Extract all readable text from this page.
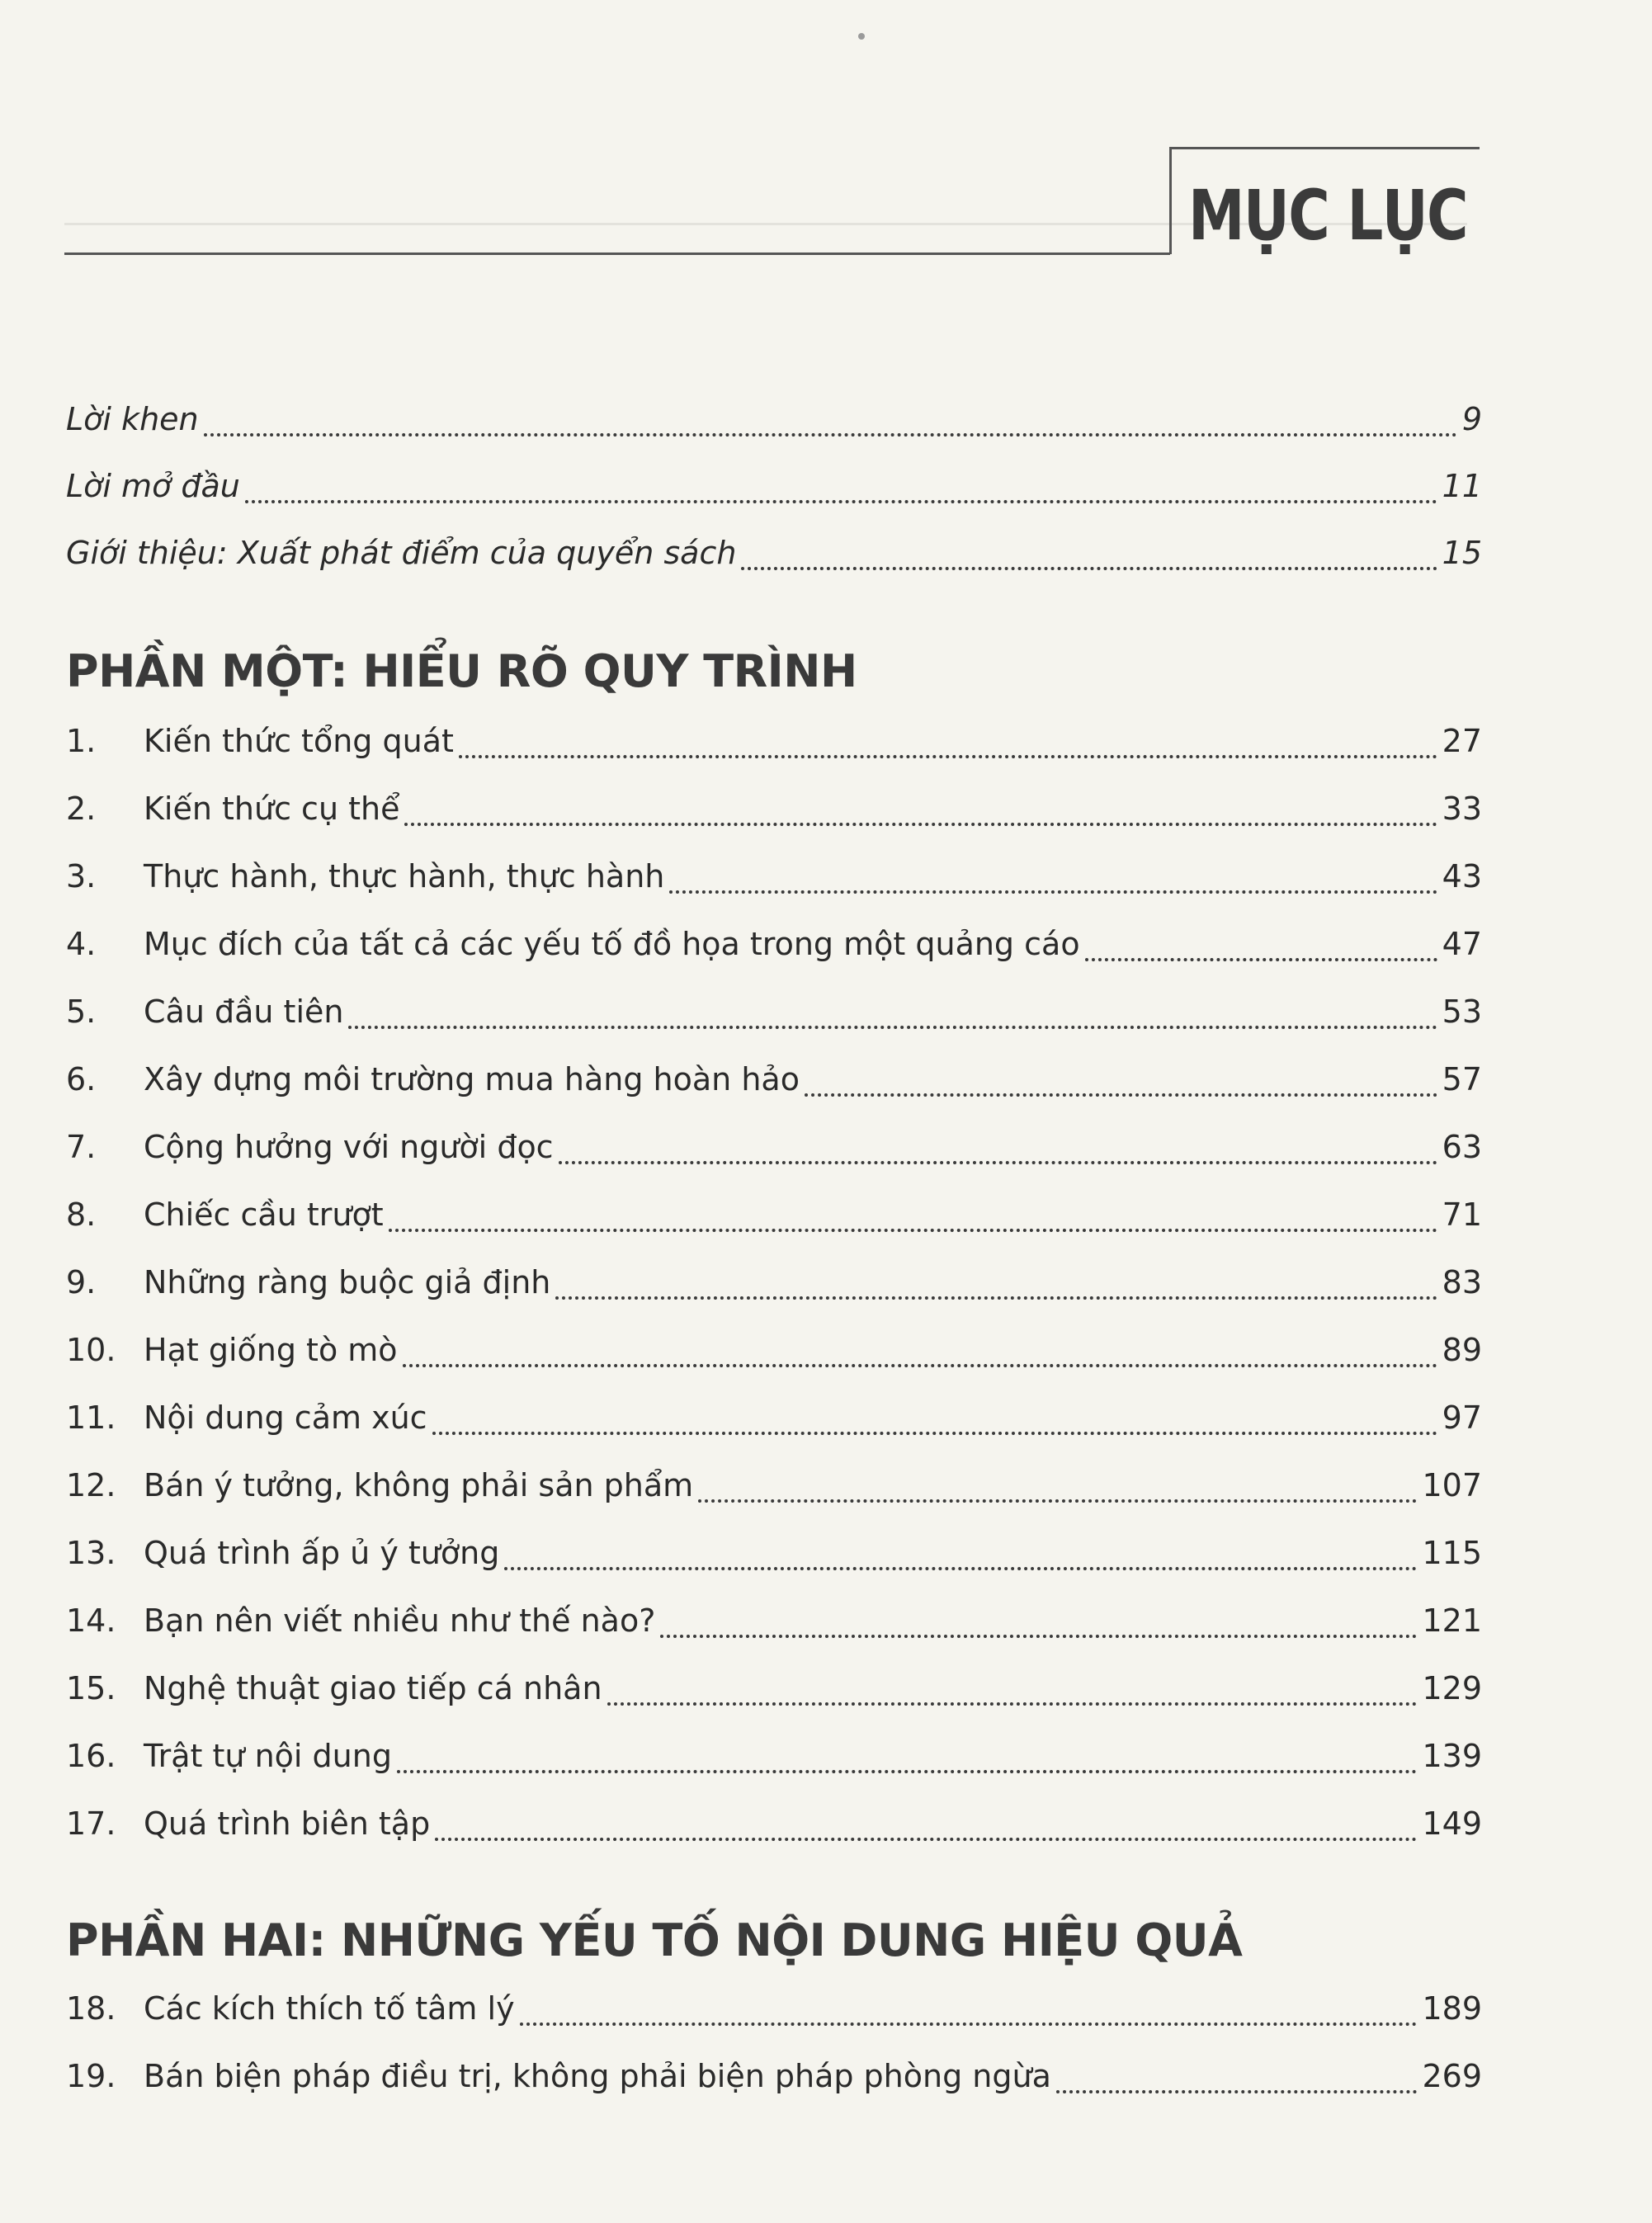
MỤC LỤC
Lời khen	9
Lời mở đầu	11
Giới thiệu: Xuất phát điểm của quyển sách	15
PHẦN MỘT: HIỂU RÕ QUY TRÌNH
1.	Kiến thức tổng quát	27
2.	Kiến thức cụ thể	33
3.	Thực hành, thực hành, thực hành	43
4.	Mục đích của tất cả các yếu tố đồ họa trong một quảng cáo	47
5.	Câu đầu tiên	53
6.	Xây dựng môi trường mua hàng hoàn hảo	57
7.	Cộng hưởng với người đọc	63
8.	Chiếc cầu trượt	71
9.	Những ràng buộc giả định	83
10. Hạt giống tò mò	89
11. Nội dung cảm xúc	97
12. Bán ý tưởng, không phải sản phẩm	107
13. Quá trình ấp ủ ý tưởng	115
14. Bạn nên viết nhiều như thế nào?	121
15. Nghệ thuật giao tiếp cá nhân	129
16. Trật tự nội dung	139
17. Quá trình biên tập	149
PHẦN HAI: NHỮNG YẾU TỐ NỘI DUNG HIỆU QUẢ
18. Các kích thích tố tâm lý	189
19. Bán biện pháp điều trị, không phải biện pháp phòng ngừa	269
